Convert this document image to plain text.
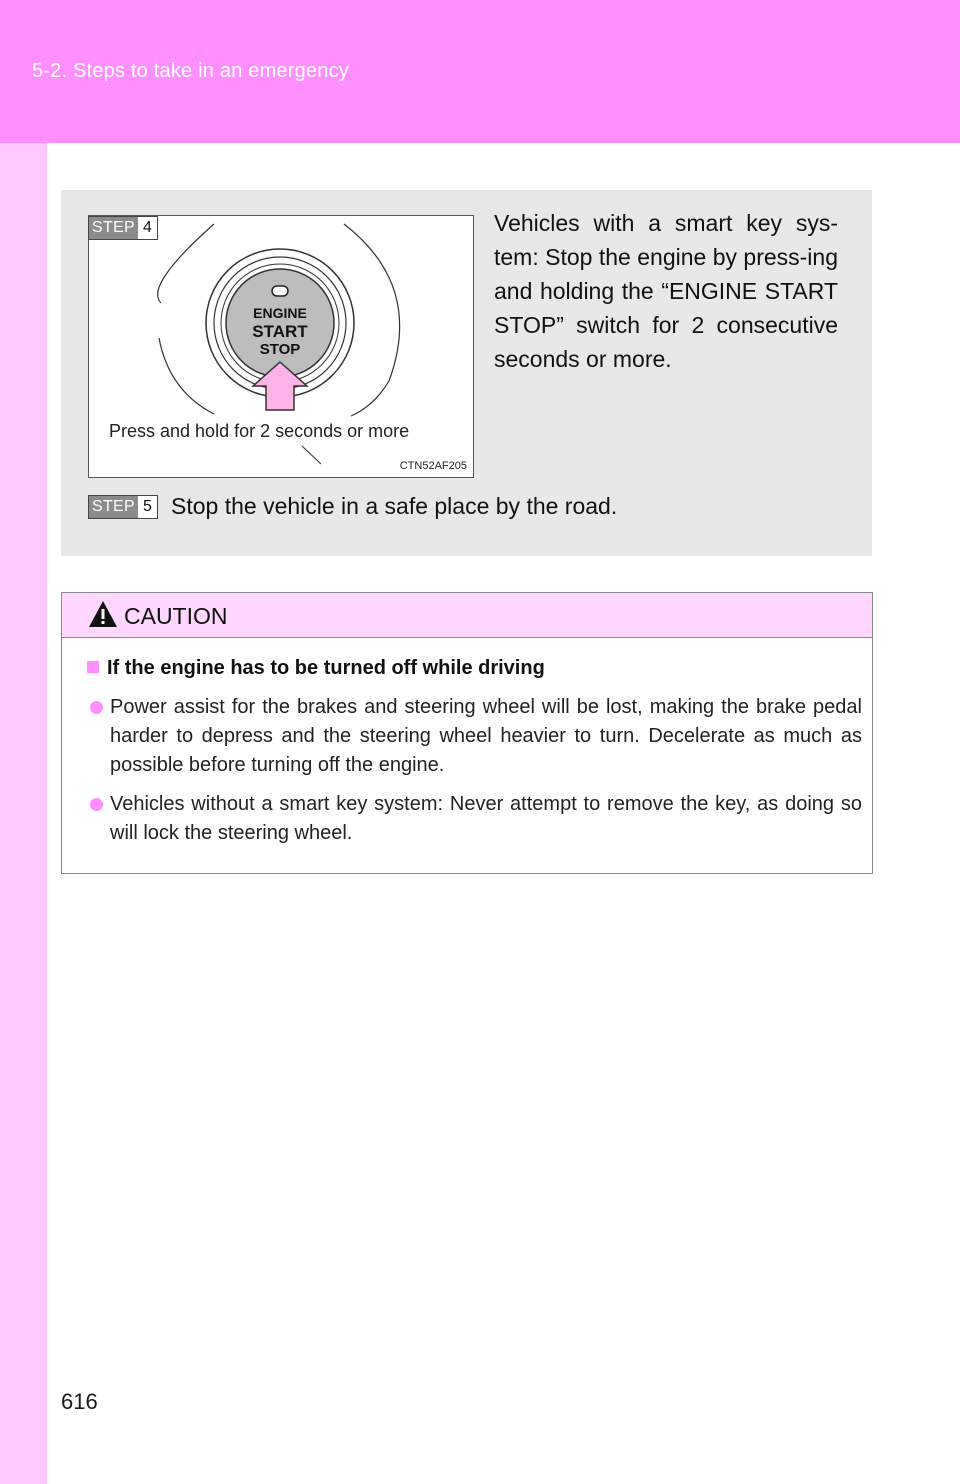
5-2. Steps to take in an emergency
ENGINE
START
STOP
STEP 4
Press and hold for 2 seconds or more
CTN52AF205
Vehicles with a smart key sys-tem: Stop the engine by press-ing and holding the “ENGINE START STOP” switch for 2 consecutive seconds or more.
STEP 5 Stop the vehicle in a safe place by the road.
CAUTION
If the engine has to be turned off while driving
Power assist for the brakes and steering wheel will be lost, making the brake pedal harder to depress and the steering wheel heavier to turn. Decelerate as much as possible before turning off the engine.
Vehicles without a smart key system: Never attempt to remove the key, as doing so will lock the steering wheel.
616
